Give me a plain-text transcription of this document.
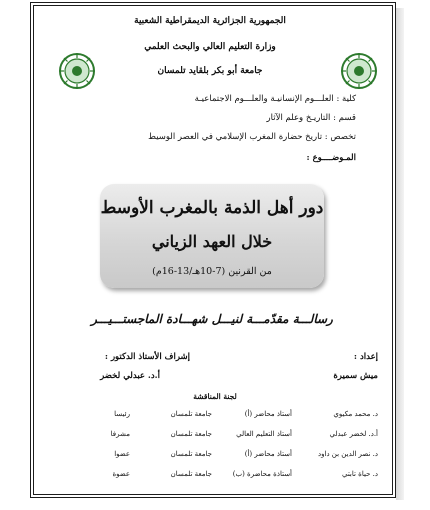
الجمهورية الجزائرية الديمقراطية الشعبية
وزارة التعليم العالي والبحث العلمي
جامعة أبو بكر بلقايد تلمسان
كلية : العلـــوم الإنسانيـة والعلـــوم الاجتماعيـة
قسم : التاريـخ وعلم الآثار
تخصص : تاريخ حضارة المغرب الإسلامي في العصر الوسيط
المـوضــــوع :
دور أهل الذمة بالمغرب الأوسط
خلال العهد الزياني
من القرنين (7-10هـ/13-16م)
رسالـــة مقدّمـــة لنيـــل شهـــادة الماجستـــيـــر
إعداد :
ميش سميرة
إشراف الأستاذ الدكتور :
أ.د. عبدلي لخضر
لجنة المناقشة
د. محمد مكيوي
أستاذ محاضر (أ)
جامعة تلمسان
رئيسا
أ.د. لخضر عبدلي
أستاذ التعليم العالي
جامعة تلمسان
مشرفا
د. نصر الدين بن داود
أستاذ محاضر (أ)
جامعة تلمسان
عضوا
د. حياة تابتي
أستاذة محاضرة (ب)
جامعة تلمسان
عضوة
